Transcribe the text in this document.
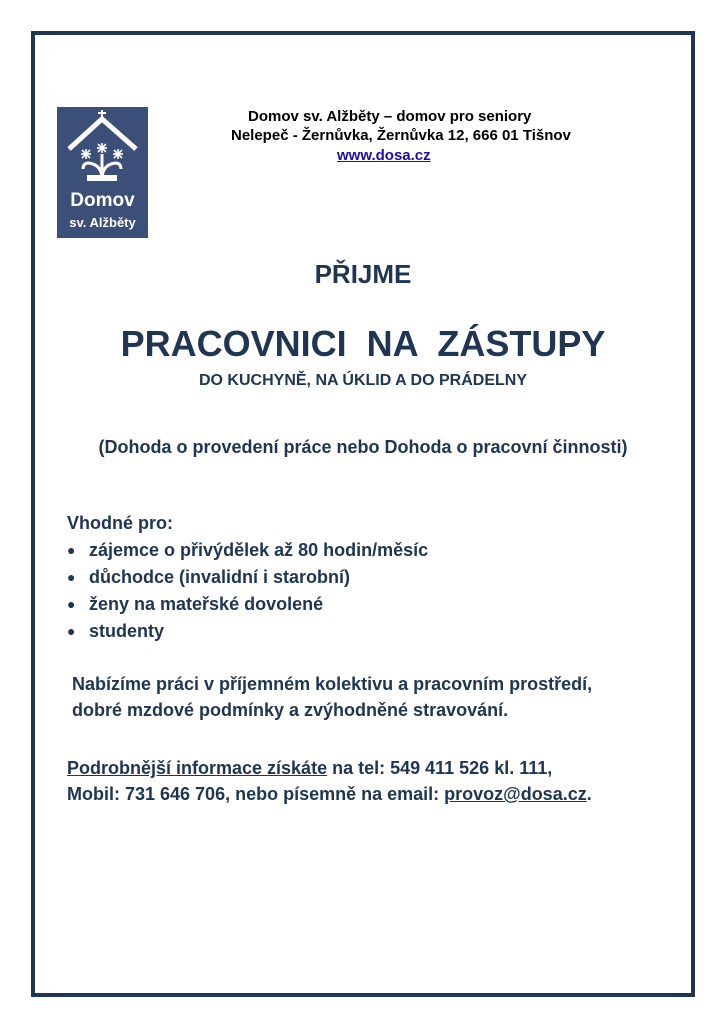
Domov
sv. Alžběty
Domov sv. Alžběty – domov pro seniory
Nelepeč - Žernůvka, Žernůvka 12, 666 01 Tišnov
www.dosa.cz
PŘIJME
PRACOVNICI  NA  ZÁSTUPY
DO KUCHYNĚ, NA ÚKLID A DO PRÁDELNY
(Dohoda o provedení práce nebo Dohoda o pracovní činnosti)
Vhodné pro:
● zájemce o přivýdělek až 80 hodin/měsíc
● důchodce (invalidní i starobní)
● ženy na mateřské dovolené
● studenty
Nabízíme práci v příjemném kolektivu a pracovním prostředí,
dobré mzdové podmínky a zvýhodněné stravování.
Podrobnější informace získáte na tel: 549 411 526 kl. 111,
Mobil: 731 646 706, nebo písemně na email: provoz@dosa.cz.
